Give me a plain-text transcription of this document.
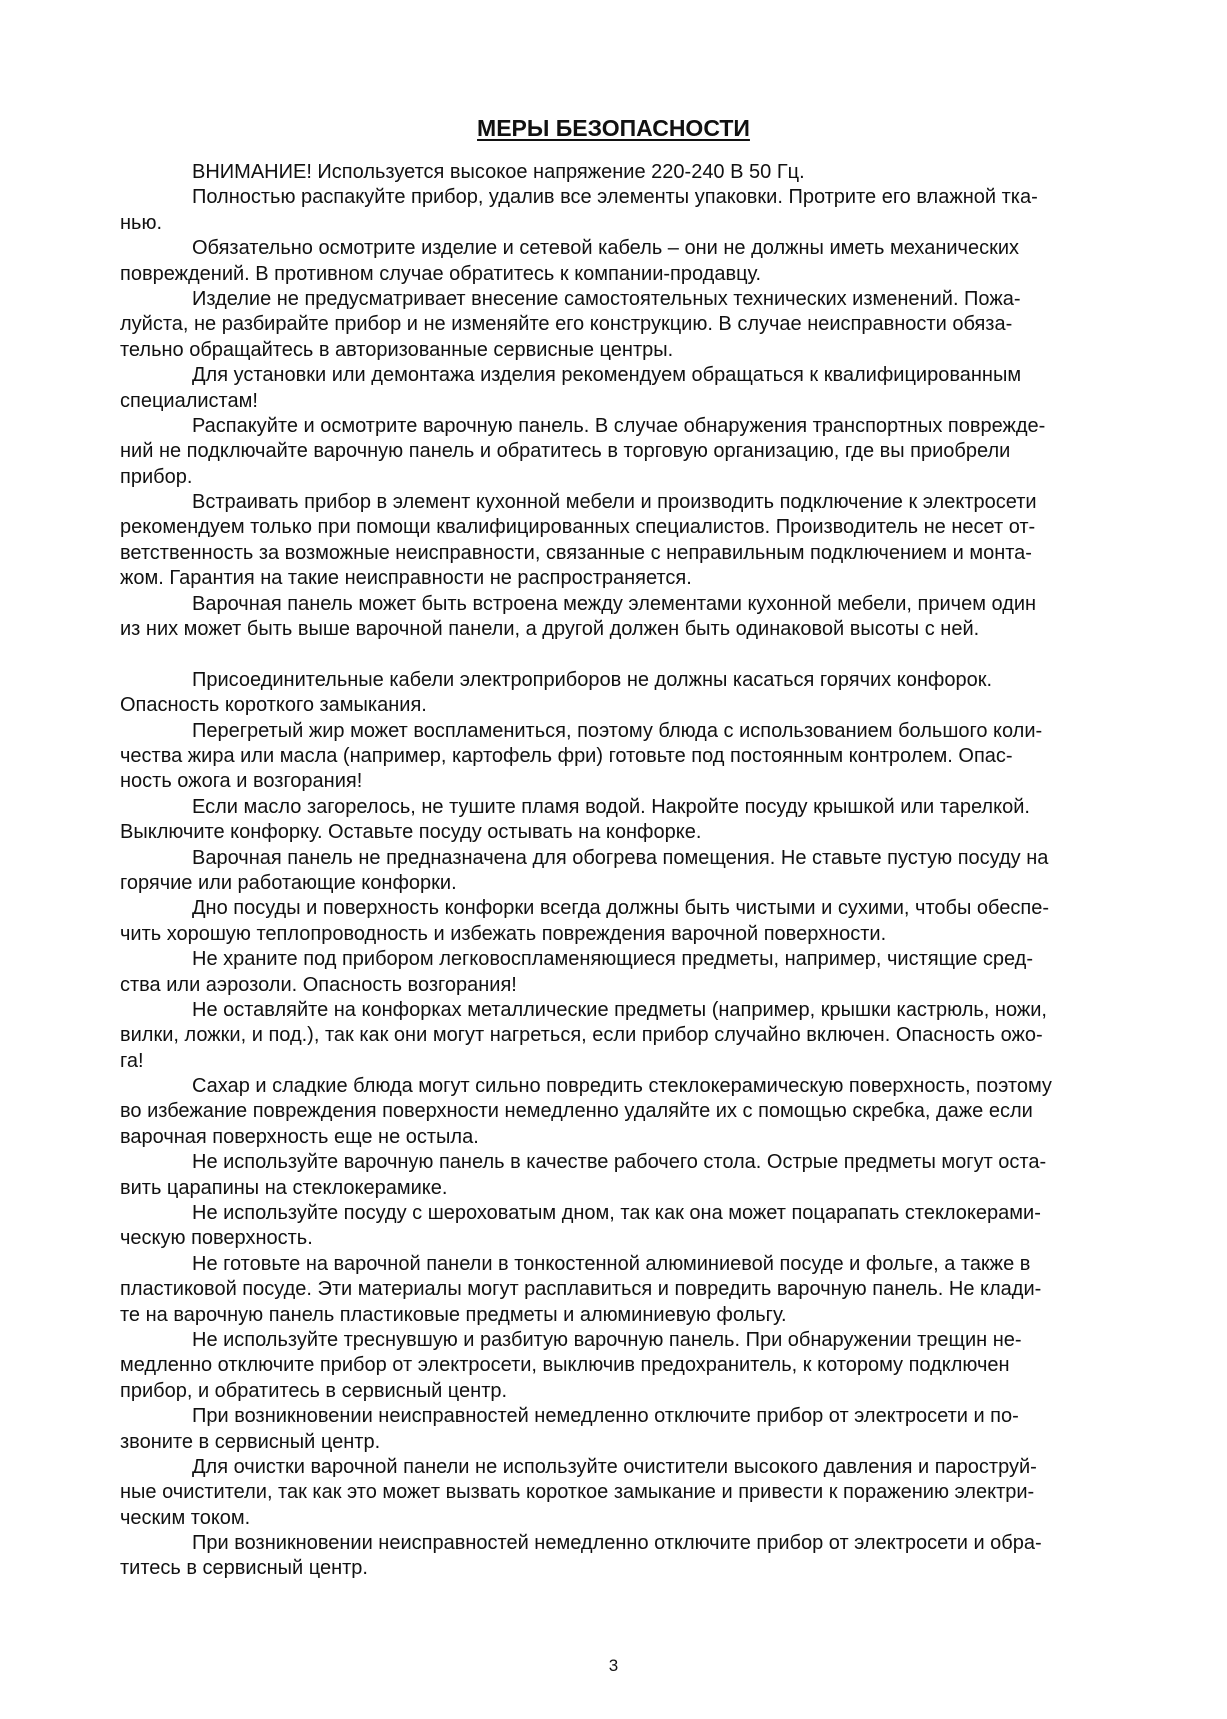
МЕРЫ БЕЗОПАСНОСТИ
ВНИМАНИЕ! Используется высокое напряжение 220-240 В 50 Гц.
Полностью распакуйте прибор, удалив все элементы упаковки. Протрите его влажной тка-
нью.
Обязательно осмотрите изделие и сетевой кабель – они не должны иметь механических
повреждений. В противном случае обратитесь к компании-продавцу.
Изделие не предусматривает внесение самостоятельных технических изменений. Пожа-
луйста, не разбирайте прибор и не изменяйте его конструкцию. В случае неисправности обяза-
тельно обращайтесь в авторизованные сервисные центры.
Для установки или демонтажа изделия рекомендуем обращаться к квалифицированным
специалистам!
Распакуйте и осмотрите варочную панель. В случае обнаружения транспортных поврежде-
ний не подключайте варочную панель и обратитесь в торговую организацию, где вы приобрели
прибор.
Встраивать прибор в элемент кухонной мебели и производить подключение к электросети
рекомендуем только при помощи квалифицированных специалистов. Производитель не несет от-
ветственность за возможные неисправности, связанные с неправильным подключением и монта-
жом. Гарантия на такие неисправности не распространяется.
Варочная панель может быть встроена между элементами кухонной мебели, причем один
из них может быть выше варочной панели, а другой должен быть одинаковой высоты с ней.
Присоединительные кабели электроприборов не должны касаться горячих конфорок.
Опасность короткого замыкания.
Перегретый жир может воспламениться, поэтому блюда с использованием большого коли-
чества жира или масла (например, картофель фри) готовьте под постоянным контролем. Опас-
ность ожога и возгорания!
Если масло загорелось, не тушите пламя водой. Накройте посуду крышкой или тарелкой.
Выключите конфорку. Оставьте посуду остывать на конфорке.
Варочная панель не предназначена для обогрева помещения. Не ставьте пустую посуду на
горячие или работающие конфорки.
Дно посуды и поверхность конфорки всегда должны быть чистыми и сухими, чтобы обеспе-
чить хорошую теплопроводность и избежать повреждения варочной поверхности.
Не храните под прибором легковоспламеняющиеся предметы, например, чистящие сред-
ства или аэрозоли. Опасность возгорания!
Не оставляйте на конфорках металлические предметы (например, крышки кастрюль, ножи,
вилки, ложки, и под.), так как они могут нагреться, если прибор случайно включен. Опасность ожо-
га!
Сахар и сладкие блюда могут сильно повредить стеклокерамическую поверхность, поэтому
во избежание повреждения поверхности немедленно удаляйте их с помощью скребка, даже если
варочная поверхность еще не остыла.
Не используйте варочную панель в качестве рабочего стола. Острые предметы могут оста-
вить царапины на стеклокерамике.
Не используйте посуду с шероховатым дном, так как она может поцарапать стеклокерами-
ческую поверхность.
Не готовьте на варочной панели в тонкостенной алюминиевой посуде и фольге, а также в
пластиковой посуде. Эти материалы могут расплавиться и повредить варочную панель. Не клади-
те на варочную панель пластиковые предметы и алюминиевую фольгу.
Не используйте треснувшую и разбитую варочную панель. При обнаружении трещин не-
медленно отключите прибор от электросети, выключив предохранитель, к которому подключен
прибор, и обратитесь в сервисный центр.
При возникновении неисправностей немедленно отключите прибор от электросети и по-
звоните в сервисный центр.
Для очистки варочной панели не используйте очистители высокого давления и пароструй-
ные очистители, так как это может вызвать короткое замыкание и привести к поражению электри-
ческим током.
При возникновении неисправностей немедленно отключите прибор от электросети и обра-
титесь в сервисный центр.
3
